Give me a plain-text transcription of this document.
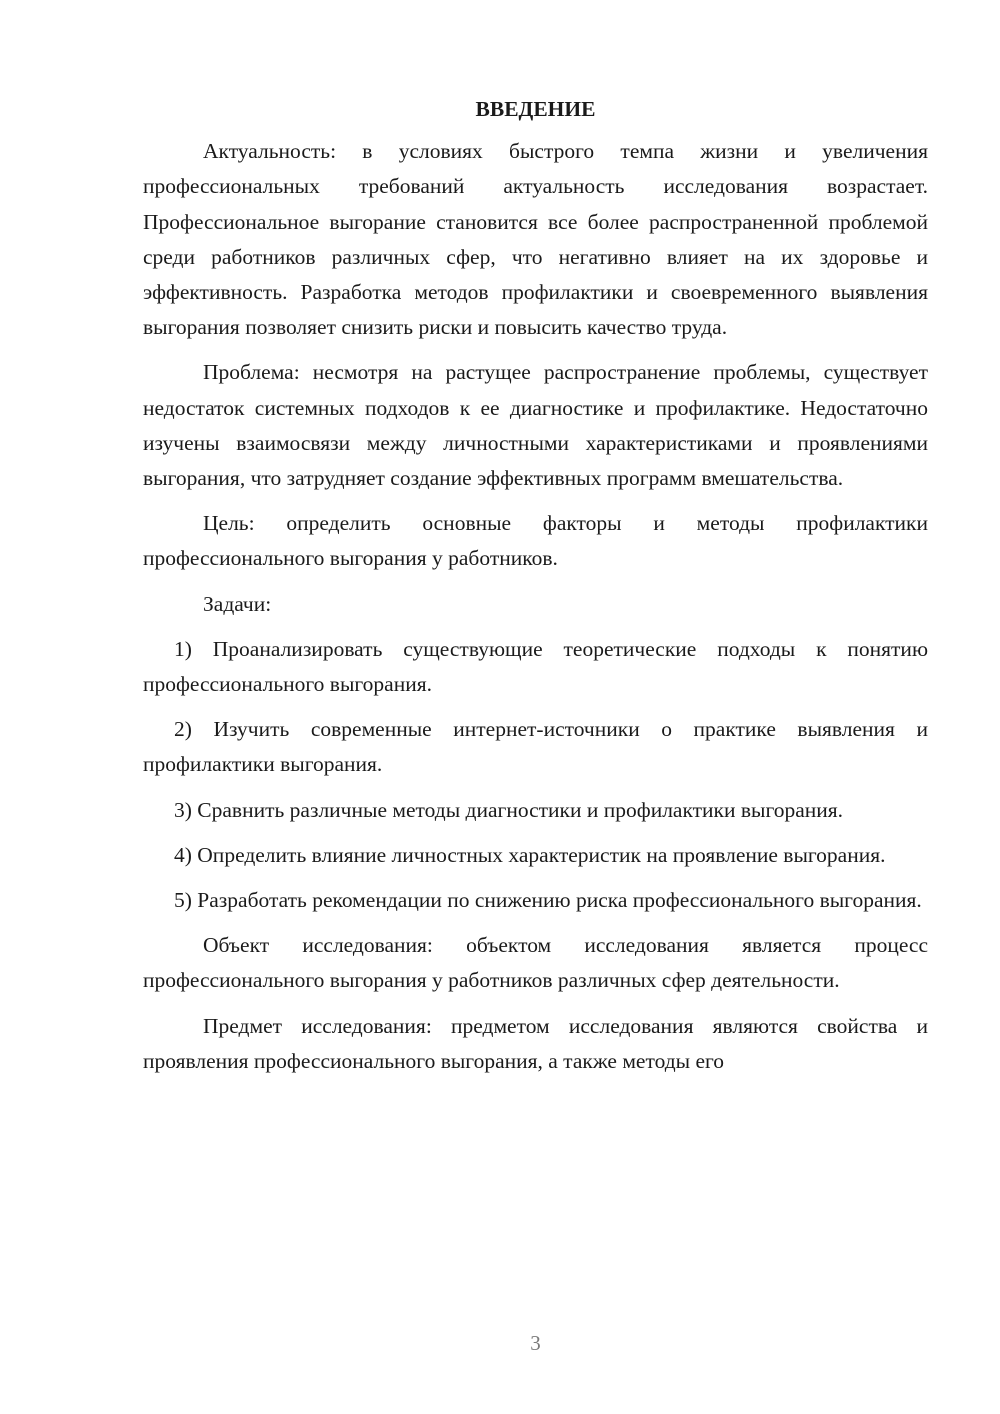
ВВЕДЕНИЕ

Актуальность: в условиях быстрого темпа жизни и увеличения профессиональных требований актуальность исследования возрастает. Профессиональное выгорание становится все более распространенной проблемой среди работников различных сфер, что негативно влияет на их здоровье и эффективность. Разработка методов профилактики и своевременного выявления выгорания позволяет снизить риски и повысить качество труда.

Проблема: несмотря на растущее распространение проблемы, существует недостаток системных подходов к ее диагностике и профилактике. Недостаточно изучены взаимосвязи между личностными характеристиками и проявлениями выгорания, что затрудняет создание эффективных программ вмешательства.

Цель: определить основные факторы и методы профилактики профессионального выгорания у работников.

Задачи:

1) Проанализировать существующие теоретические подходы к понятию профессионального выгорания.

2) Изучить современные интернет-источники о практике выявления и профилактики выгорания.

3) Сравнить различные методы диагностики и профилактики выгорания.

4) Определить влияние личностных характеристик на проявление выгорания.

5) Разработать рекомендации по снижению риска профессионального выгорания.

Объект исследования: объектом исследования является процесс профессионального выгорания у работников различных сфер деятельности.

Предмет исследования: предметом исследования являются свойства и проявления профессионального выгорания, а также методы его

3
